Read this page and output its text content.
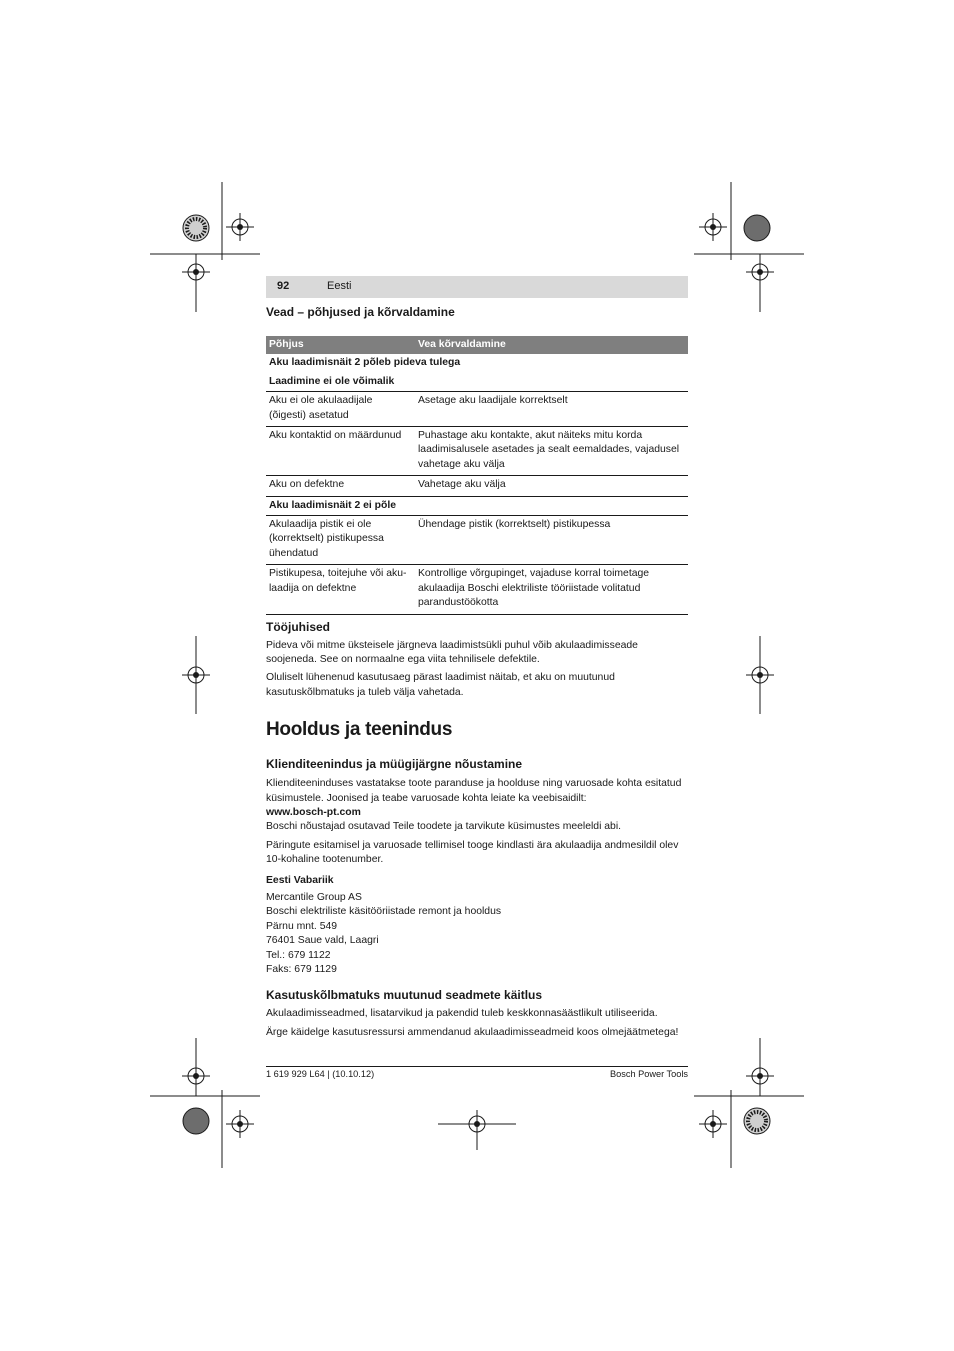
92	Eesti
Vead – põhjused ja kõrvaldamine
Põhjus	Vea kõrvaldamine
Aku laadimisnäit 2 põleb pideva tulega	
Laadimine ei ole võimalik	
Aku ei ole akulaadijale (õigesti) asetatud	Asetage aku laadijale korrektselt
Aku kontaktid on määrdunud	Puhastage aku kontakte, akut näiteks mitu korda laadimisalusele asetades ja sealt eemaldades, vajadusel vahetage aku välja
Aku on defektne	Vahetage aku välja
Aku laadimisnäit 2 ei põle	
Akulaadija pistik ei ole (korrektselt) pistikupessa ühendatud	Ühendage pistik (korrektselt) pistikupessa
Pistikupesa, toitejuhe või akulaadija on defektne	Kontrollige võrgupinget, vajaduse korral toimetage akulaadija Boschi elektriliste tööriistade volitatud parandustöökotta
Tööjuhised

Pideva või mitme üksteisele järgneva laadimistsükli puhul võib akulaadimisseade soojeneda. See on normaalne ega viita tehnilisele defektile.

Oluliselt lühenenud kasutusaeg pärast laadimist näitab, et aku on muutunud kasutuskõlbmatuks ja tuleb välja vahetada.

Hooldus ja teenindus
Klienditeenindus ja müügijärgne nõustamine

Klienditeeninduses vastatakse toote paranduse ja hoolduse ning varuosade kohta esitatud küsimustele. Joonised ja teabe varuosade kohta leiate ka veebisaidilt:

www.bosch-pt.com

Boschi nõustajad osutavad Teile toodete ja tarvikute küsimustes meeleldi abi.

Päringute esitamisel ja varuosade tellimisel tooge kindlasti ära akulaadija andmesildil olev 10-kohaline tootenumber.

Eesti Vabariik

Mercantile Group AS

Boschi elektriliste käsitööriistade remont ja hooldus

Pärnu mnt. 549

76401 Saue vald, Laagri

Tel.: 679 1122

Faks: 679 1129

Kasutuskõlbmatuks muutunud seadmete käitlus

Akulaadimisseadmed, lisatarvikud ja pakendid tuleb keskkonnasäästlikult utiliseerida.

Ärge käidelge kasutusressursi ammendanud akulaadimisseadmeid koos olmejäätmetega!

1 619 929 L64 | (10.10.12)	Bosch Power Tools
